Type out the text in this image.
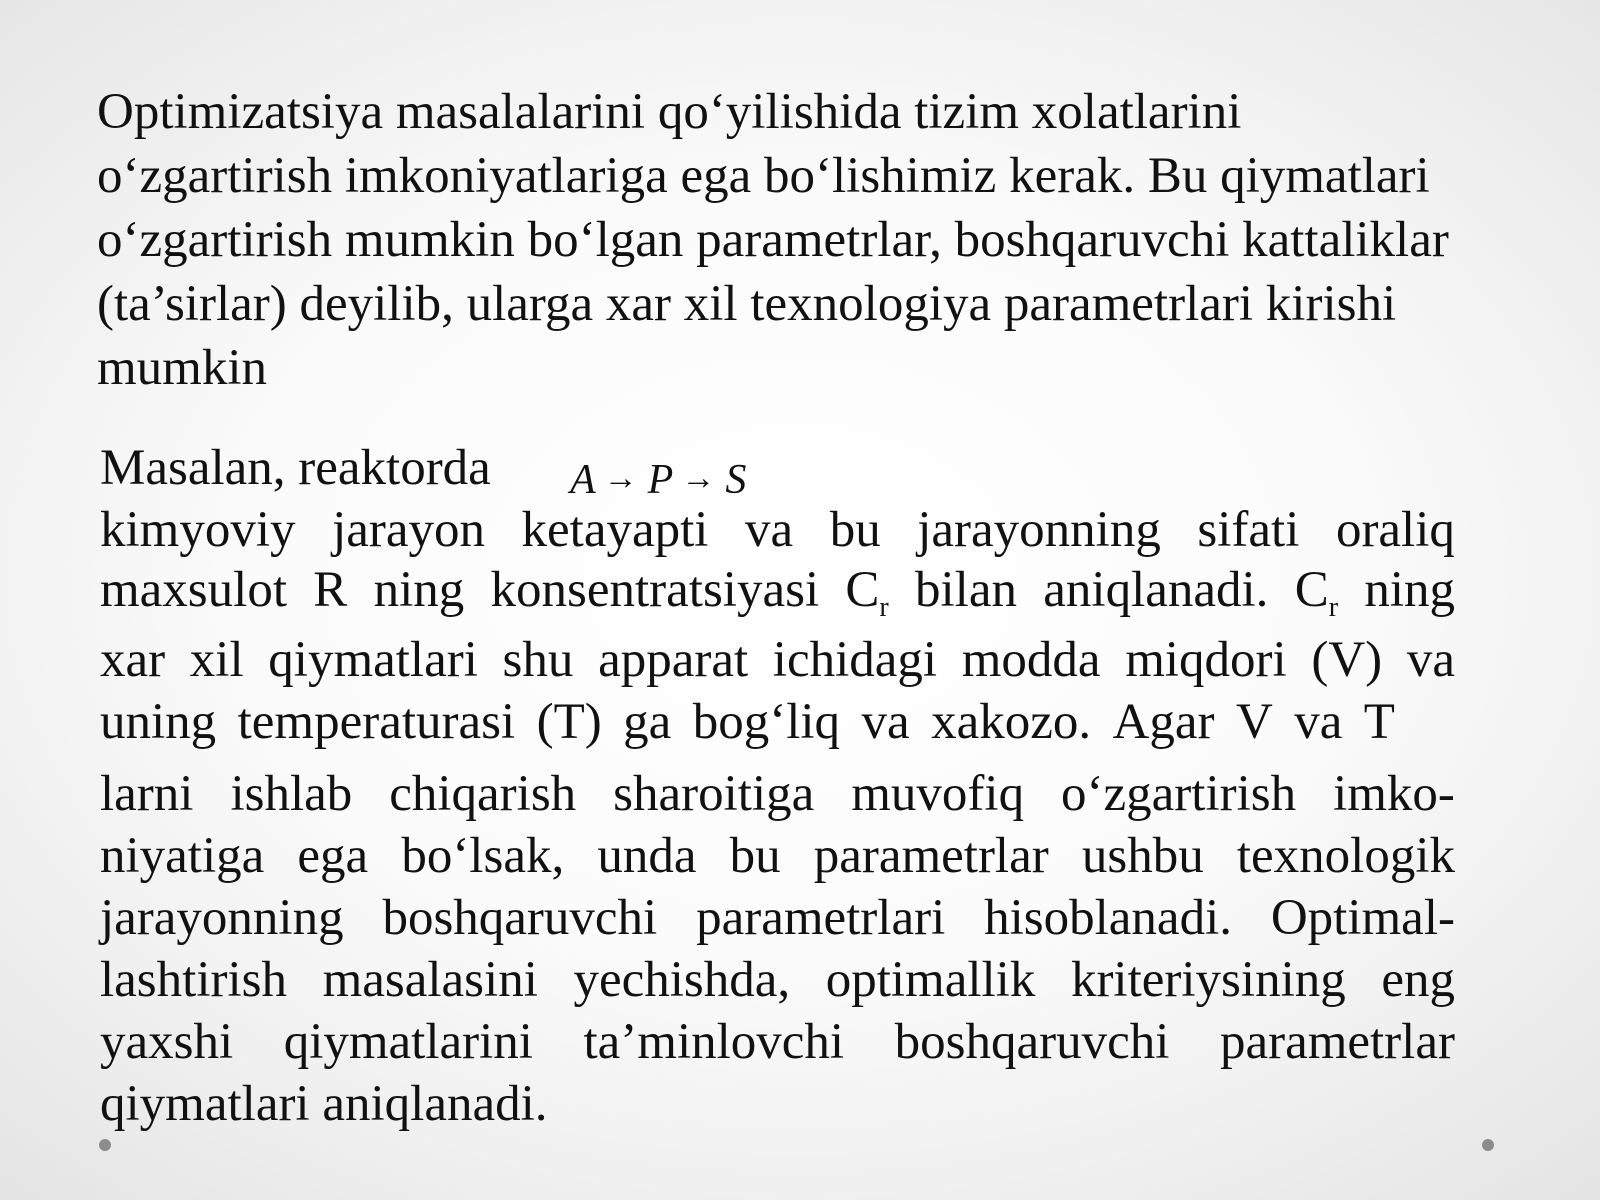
Optimizatsiya masalalarini qo‘yilishida tizim xolatlarini
o‘zgartirish imkoniyatlariga ega bo‘lishimiz kerak. Bu qiymatlari
o‘zgartirish mumkin bo‘lgan parametrlar, boshqaruvchi kattaliklar
(ta’sirlar) deyilib, ularga xar xil texnologiya parametrlari kirishi
mumkin

Masalan, reaktorda A → P → S
kimyoviy jarayon ketayapti va bu jarayonning sifati oraliq
maxsulot R ning konsentratsiyasi $C_r$ bilan aniqlanadi. $C_r$ ning
xar xil qiymatlari shu apparat ichidagi modda miqdori (V) va
uning temperaturasi (T) ga bog‘liq va xakozo. Agar V va T
larni ishlab chiqarish sharoitiga muvofiq o‘zgartirish imko-
niyatiga ega bo‘lsak, unda bu parametrlar ushbu texnologik
jarayonning boshqaruvchi parametrlari hisoblanadi. Optimal-
lashtirish masalasini yechishda, optimallik kriteriysining eng
yaxshi qiymatlarini ta’minlovchi boshqaruvchi parametrlar
qiymatlari aniqlanadi.
